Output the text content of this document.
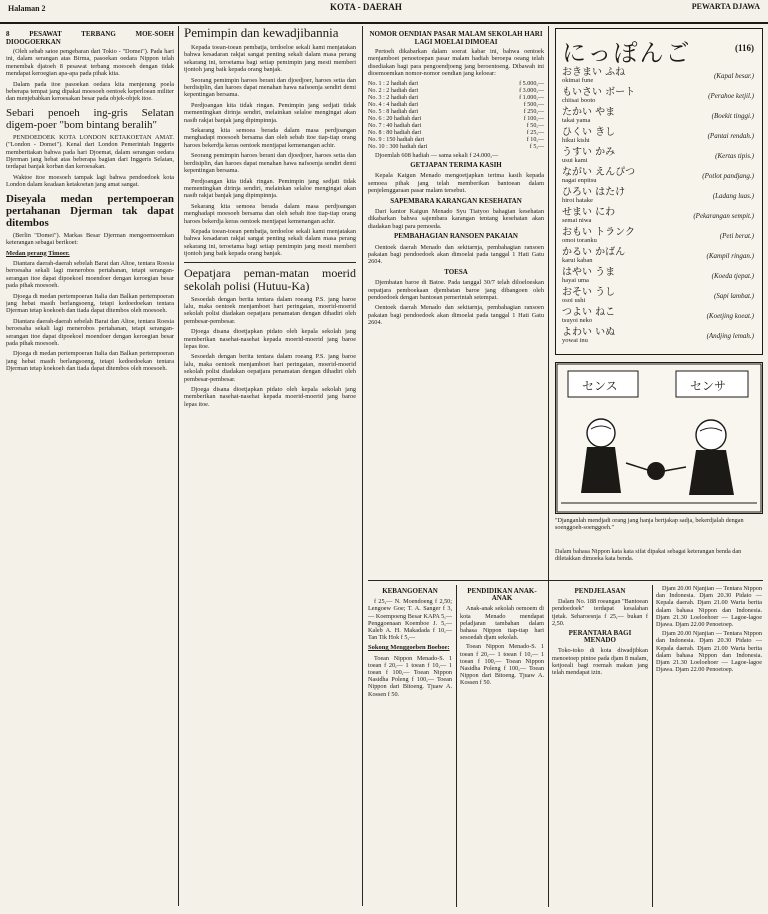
Halaman 2	KOTA - DAERAH	PEWARTA DJAWA
8 PESAWAT TERBANG MOE-SOEH DIOOGOERKAN

(Oleh sebab satoe pengebaran dari Tokio - "Domei"). Pada hari ini, dalam serangan atas Birma, pasoekan oedara Nippon telah menembak djatoeh 8 pesawat terbang moesoeh dengan tidak mendapat keroegian apa-apa pada pihak kita.

Dalam pada itoe pasoekan oedara kita menjerang poela beberapa tempat jang dipakai moesoeh oentoek keperloean militer dan menjebabkan keroesakan besar pada objek-objek itoe.

Sebari penoeh ing-gris Selatan digem-poer "bom bintang beralih"

PENDOEDOEK KOTA LONDON KETAKOETAN AMAT. ("London - Domei"). Kenal dari London Pemerintah Inggeris memberitakan bahwa pada hari Djoemat, dalam serangan oedara Djerman jang hebat atas beberapa bagian dari Inggeris Selatan, terdapat banjak korban dan keroesakan.

Waktoe itoe moesoeh tampak lagi bahwa pendoedoek kota London dalam keadaan ketakoetan jang amat sangat.

Diseyala medan pertempoeran pertahanan Djerman tak dapat ditembos

(Berlin "Domei"). Markas Besar Djerman mengoemoemkan keterangan sebagai berikoet:

Medan perang Timoer.

Diantara daerah-daerah sebelah Barat dan Altoe, tentara Roesia beroesaha sekali lagi menerobos pertahanan, tetapi serangan-serangan itoe dapat dipoekoel moendoer dengan keroegian besar pada pihak moesoeh.

Djoega di medan pertempoeran Italia dan Balkan pertempoeran jang hebat masih berlangsoeng, tetapi kedoedoekan tentara Djerman tetap koekoeh dan tiada dapat ditembos oleh moesoeh.

Diantara daerah-daerah sebelah Barat dan Altoe, tentara Roesia beroesaha sekali lagi menerobos pertahanan, tetapi serangan-serangan itoe dapat dipoekoel moendoer dengan keroegian besar pada pihak moesoeh.

Djoega di medan pertempoeran Italia dan Balkan pertempoeran jang hebat masih berlangsoeng, tetapi kedoedoekan tentara Djerman tetap koekoeh dan tiada dapat ditembos oleh moesoeh.

Pemimpin dan kewadjibannia

Kepada toean-toean pembatja, terdoeloe sekali kami menjatakan bahwa kesadaran rakjat sangat penting sekali dalam masa perang sekarang ini, teroetama bagi setiap pemimpin jang mesti memberi tjontoh jang baik kepada orang banjak.

Seorang pemimpin haroes berani dan djoedjoer, haroes setia dan berdisiplin, dan haroes dapat menahan hawa nafsoenja sendiri demi kepentingan bersama.

Perdjoangan kita tidak ringan. Pemimpin jang sedjati tidak mementingkan dirinja sendiri, melainkan selaloe mengingat akan nasib rakjat banjak jang dipimpinnja.

Sekarang kita semoea berada dalam masa perdjoangan menghadapi moesoeh bersama dan oleh sebab itoe tiap-tiap orang haroes bekerdja keras oentoek mentjapai kemenangan achir.

Seorang pemimpin haroes berani dan djoedjoer, haroes setia dan berdisiplin, dan haroes dapat menahan hawa nafsoenja sendiri demi kepentingan bersama.

Perdjoangan kita tidak ringan. Pemimpin jang sedjati tidak mementingkan dirinja sendiri, melainkan selaloe mengingat akan nasib rakjat banjak jang dipimpinnja.

Sekarang kita semoea berada dalam masa perdjoangan menghadapi moesoeh bersama dan oleh sebab itoe tiap-tiap orang haroes bekerdja keras oentoek mentjapai kemenangan achir.

Kepada toean-toean pembatja, terdoeloe sekali kami menjatakan bahwa kesadaran rakjat sangat penting sekali dalam masa perang sekarang ini, teroetama bagi setiap pemimpin jang mesti memberi tjontoh jang baik kepada orang banjak.

Oepatjara peman-matan moerid sekolah polisi (Hutuu-Ka)

Sesoedah dengan berita tentara dalam roeang P.S. jang baroe lalu, maka oentoek menjamboet hari peringatan, moerid-moerid sekolah polisi diadakan oepatjara penamatan dengan dihadiri oleh pembesar-pembesar.

Djoega disana dioetjapkan pidato oleh kepala sekolah jang memberikan nasehat-nasehat kepada moerid-moerid jang baroe lepas itoe.

Sesoedah dengan berita tentara dalam roeang P.S. jang baroe lalu, maka oentoek menjamboet hari peringatan, moerid-moerid sekolah polisi diadakan oepatjara penamatan dengan dihadiri oleh pembesar-pembesar.

Djoega disana dioetjapkan pidato oleh kepala sekolah jang memberikan nasehat-nasehat kepada moerid-moerid jang baroe lepas itoe.

NOMOR OENDIAN PASAR MALAM SEKOLAH HARI LAGI MOELAI DIMOEAI

Pertoeh dikabarkan dalam soerat kabar ini, bahwa oentoek menjamboet penoetoepan pasar malam hadiah beroepa oeang telah disediakan bagi para pengoendjoeng jang beroentoeng. Dibawah ini dioemoemkan nomor-nomor oendian jang keloear:

No. 1 : 2 hadiah dari	f 5.000,—
No. 2 : 2 hadiah dari	f 3.000,—
No. 3 : 2 hadiah dari	f 1.000,—
No. 4 : 4 hadiah dari	f 500,—
No. 5 : 8 hadiah dari	f 250,—
No. 6 : 20 hadiah dari	f 100,—
No. 7 : 40 hadiah dari	f 50,—
No. 8 : 80 hadiah dari	f 25,—
No. 9 : 150 hadiah dari	f 10,—
No. 10 : 300 hadiah dari	f 5,—

Djoemlah 608 hadiah — sama sekali f 24.000,—

GETJAPAN TERIMA KASIH

Kepala Kaigun Menado mengoetjapkan terima kasih kepada semoea pihak jang telah memberikan bantoean dalam penjelenggaraan pasar malam tersebut.

SAPEMBARA KARANGAN KESEHATAN

Dari kantor Kaigun Menado Syu Tiatyoo bahagian kesehatan dikabarkan bahwa sajembara karangan tentang kesehatan akan diadakan bagi para pemoeda.

PEMBAHAGIAN RANSOEN PAKAIAN

Oentoek daerah Menado dan sekitarnja, pembahagian ransoen pakaian bagi pendoedoek akan dimoelai pada tanggal 1 Hati Gatu 2604.

TOESA

Djembatan baroe di Batoe. Pada tanggal 30/7 telah diloeloeskan oepatjara pemboekaan djembatan baroe jang dibangoen oleh pendoedoek dengan bantoean pemerintah setempat.

Oentoek daerah Menado dan sekitarnja, pembahagian ransoen pakaian bagi pendoedoek akan dimoelai pada tanggal 1 Hati Gatu 2604.

にっぽんご	(116)
おきまい ふね
okimai fune	(Kapal besar.)
もいさい ボート
chiisai booto	(Perahoe ketjil.)
たかい やま
takai yama	(Boekit tinggi.)
ひくい きし
hikui kishi	(Pantai rendah.)
うすい かみ
usui kami	(Kertas tipis.)
ながい えんぴつ
nagai enpitsu	(Potlot pandjang.)
ひろい はたけ
hiroi hatake	(Ladang luas.)
せまい にわ
semai niwa	(Pekarangan sempit.)
おもい トランク
omoi toranku	(Peti berat.)
かるい かばん
karui kaban	(Kampil ringan.)
はやい うま
hayai uma	(Koeda tjepat.)
おそい うし
osoi ushi	(Sapi lambat.)
つよい ねこ
tsuyoi neko	(Koetjing koeat.)
よわい いぬ
yowai inu	(Andjing lemah.)
センス	センサ
"Djanganlah mendjadi orang jang hanja bertjakap sadja, bekerdjalah dengan soenggoeh-soenggoeh."
Dalam bahasa Nippon kata kata sifat dipakai sebagai keterangan benda dan diletakkan dimoeka kata benda.
KEBANGOENAN

f 25,— N. Moendoeng f 2,50; Lengoew Goe; T. A. Sanger f 3,— Koempoeng Besar KAPA 5,— Penggoenaan Koemboe J. 5,— Kaleb A. H. Makadada f 10,— Tan Tik Hok f 5,—

Sokong Menggoeben Boeboe:

Toean Nippon Menado-S. 1 toean f 20,— 1 toean f 10,— 1 toean f 100,— Toean Nippon Nasidha Poleng f 100,— Toean Nippon dari Bitoeng. Tjuaw A. Kossen f 50.

PENDIDIKAN ANAK-ANAK

Anak-anak sekolah oemoem di kota Menado mendapat peladjaran tambahan dalam bahasa Nippon tiap-tiap hari sesoedah djam sekolah.

Toean Nippon Menado-S. 1 toean f 20,— 1 toean f 10,— 1 toean f 100,— Toean Nippon Nasidha Poleng f 100,— Toean Nippon dari Bitoeng. Tjuaw A. Kossen f 50.

PENDJELASAN

Dalam No. 188 roeangan "Bantoean pendoedoek" terdapat kesalahan tjetak. Seharoesnja f 25,— bukan f 2,50.

PERANTARA BAGI MENADO

Toko-toko di kota diwadjibkan menoetoep pintoe pada djam 8 malam, ketjoeali bagi roemah makan jang telah mendapat izin.

Djam 20.00 Njanjian — Tentara Nippon dan Indonesia. Djam 20.30 Pidato — Kepala daerah. Djam 21.00 Warta berita dalam bahasa Nippon dan Indonesia. Djam 21.30 Loeloehoer — Lagoe-lagoe Djawa. Djam 22.00 Penoetoep.

Djam 20.00 Njanjian — Tentara Nippon dan Indonesia. Djam 20.30 Pidato — Kepala daerah. Djam 21.00 Warta berita dalam bahasa Nippon dan Indonesia. Djam 21.30 Loeloehoer — Lagoe-lagoe Djawa. Djam 22.00 Penoetoep.
